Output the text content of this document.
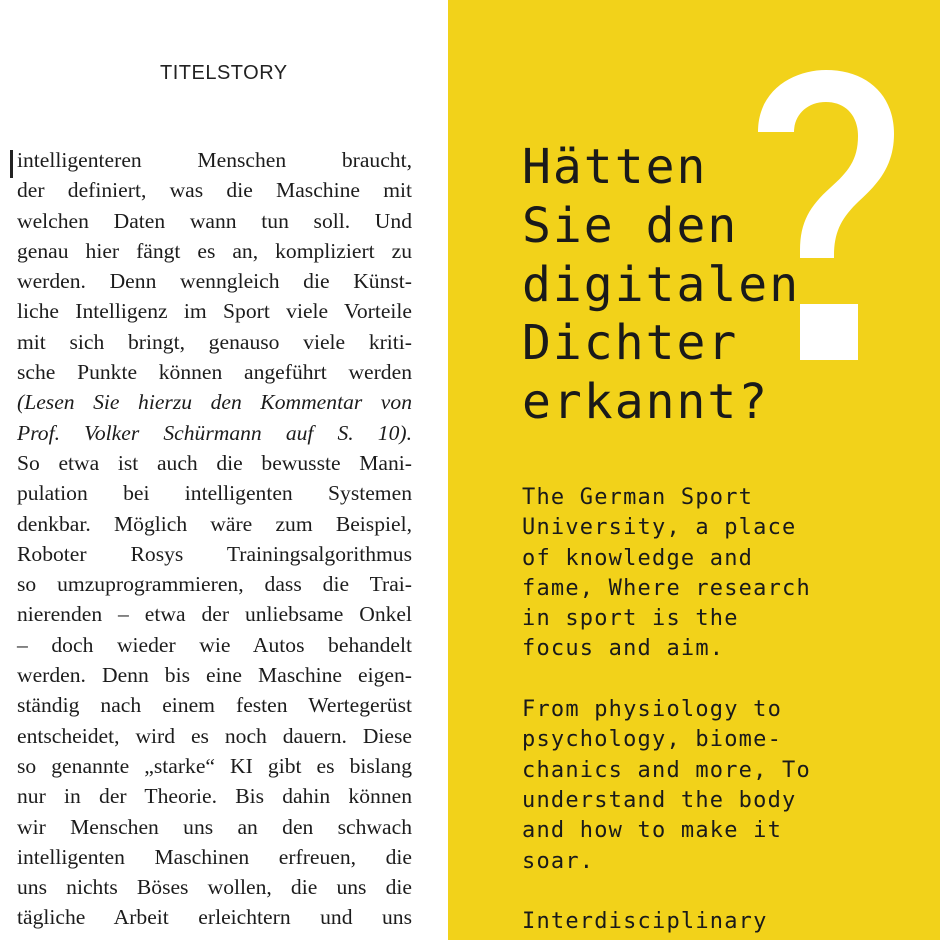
TITELSTORY
intelligenteren Menschen braucht,
der definiert, was die Maschine mit
welchen Daten wann tun soll. Und
genau hier fängt es an, kompliziert zu
werden. Denn wenngleich die Künst-
liche Intelligenz im Sport viele Vorteile
mit sich bringt, genauso viele kriti-
sche Punkte können angeführt werden
(Lesen Sie hierzu den Kommentar von
Prof. Volker Schürmann auf S. 10).
So etwa ist auch die bewusste Mani-
pulation bei intelligenten Systemen
denkbar. Möglich wäre zum Beispiel,
Roboter Rosys Trainingsalgorithmus
so umzuprogrammieren, dass die Trai-
nierenden – etwa der unliebsame Onkel
– doch wieder wie Autos behandelt
werden. Denn bis eine Maschine eigen-
ständig nach einem festen Wertegerüst
entscheidet, wird es noch dauern. Diese
so genannte „starke“ KI gibt es bislang
nur in der Theorie. Bis dahin können
wir Menschen uns an den schwach
intelligenten Maschinen erfreuen, die
uns nichts Böses wollen, die uns die
tägliche Arbeit erleichtern und uns
Hätten
Sie den
digitalen
Dichter
erkannt?
The German Sport
University, a place
of knowledge and
fame, Where research
in sport is the
focus and aim.
From physiology to
psychology, biome-
chanics and more, To
understand the body
and how to make it
soar.
Interdisciplinary
